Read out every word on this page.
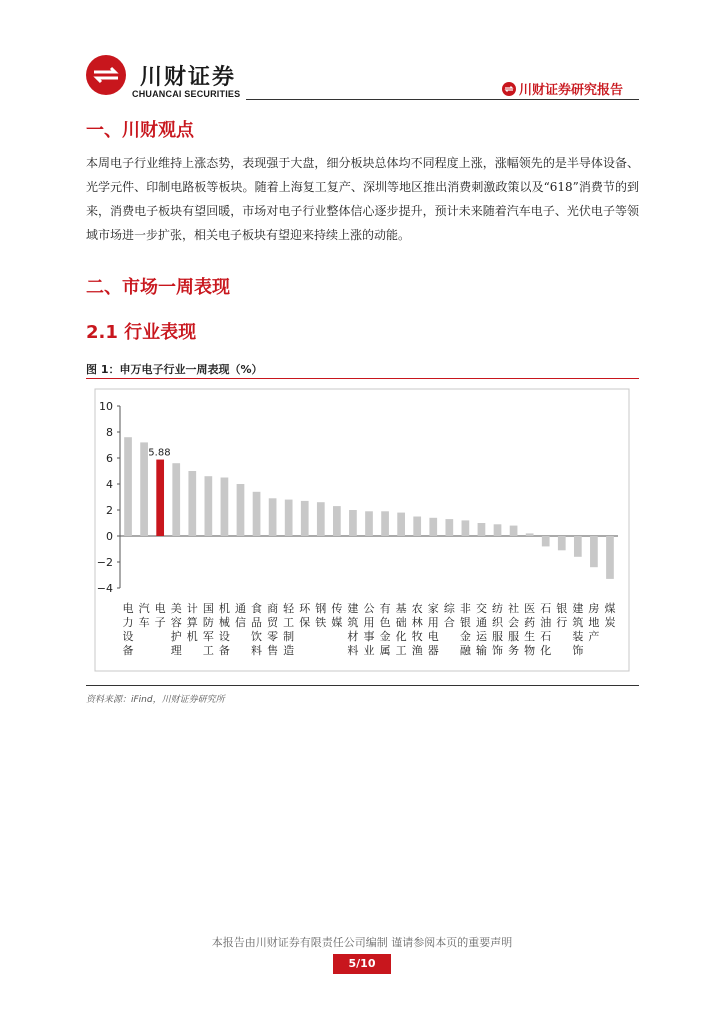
川财证券
CHUANCAI SECURITIES	川财证券研究报告
一、川财观点
本周电子行业维持上涨态势，表现强于大盘，细分板块总体均不同程度上涨，涨幅领先的是半导体设备、光学元件、印制电路板等板块。随着上海复工复产、深圳等地区推出消费刺激政策以及“618”消费节的到来，消费电子板块有望回暖，市场对电子行业整体信心逐步提升，预计未来随着汽车电子、光伏电子等领域市场进一步扩张，相关电子板块有望迎来持续上涨的动能。
二、市场一周表现
2.1 行业表现
图 1：申万电子行业一周表现（%）
10
8
6
4
2
0
−2
−4
电力设备
汽车
电子
美容护理
计算机
国防军工
机械设备
通信
食品饮料
商贸零售
轻工制造
环保
钢铁
传媒
建筑材料
公用事业
有色金属
基础化工
农林牧渔
家用电器
综合
非银金融
交通运输
纺织服饰
社会服务
医药生物
石油石化
银行
建筑装饰
房地产
煤炭
5.88
资料来源：iFind，川财证券研究所
本报告由川财证券有限责任公司编制 谨请参阅本页的重要声明
5/10
